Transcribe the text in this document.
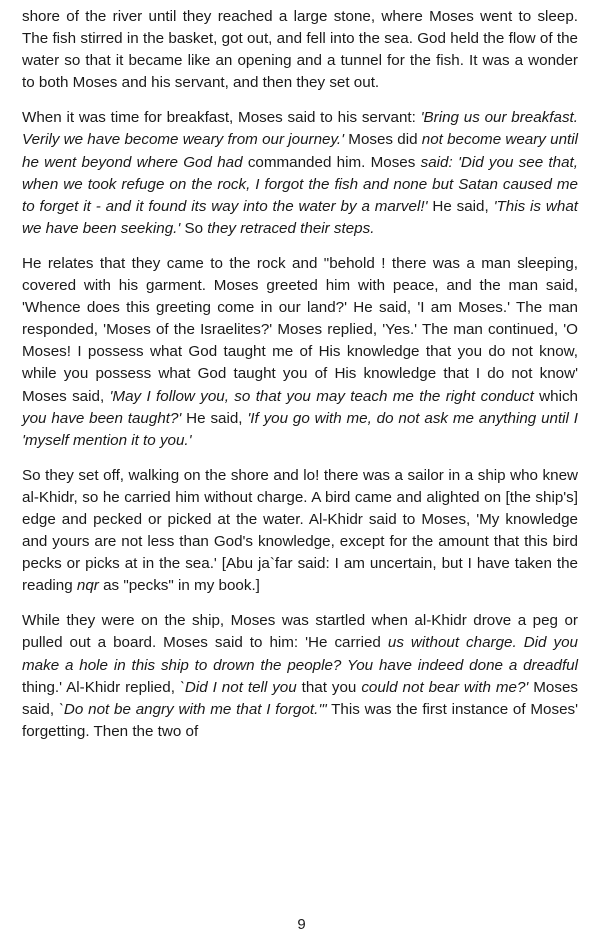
shore of the river until they reached a large stone, where Moses went to sleep. The fish stirred in the basket, got out, and fell into the sea. God held the flow of the water so that it became like an opening and a tunnel for the fish. It was a wonder to both Moses and his servant, and then they set out.

When it was time for breakfast, Moses said to his servant: 'Bring us our breakfast. Verily we have become weary from our journey.' Moses did not become weary until he went beyond where God had commanded him. Moses said: 'Did you see that, when we took refuge on the rock, I forgot the fish and none but Satan caused me to forget it - and it found its way into the water by a marvel!' He said, 'This is what we have been seeking.' So they retraced their steps.

He relates that they came to the rock and "behold ! there was a man sleeping, covered with his garment. Moses greeted him with peace, and the man said, 'Whence does this greeting come in our land?' He said, 'I am Moses.' The man responded, 'Moses of the Israelites?' Moses replied, 'Yes.' The man continued, 'O Moses! I possess what God taught me of His knowledge that you do not know, while you possess what God taught you of His knowledge that I do not know' Moses said, 'May I follow you, so that you may teach me the right conduct which you have been taught?' He said, 'If you go with me, do not ask me anything until I 'myself mention it to you.'

So they set off, walking on the shore and lo! there was a sailor in a ship who knew al-Khidr, so he carried him without charge. A bird came and alighted on [the ship's] edge and pecked or picked at the water. Al-Khidr said to Moses, 'My knowledge and yours are not less than God's knowledge, except for the amount that this bird pecks or picks at in the sea.' [Abu ja`far said: I am uncertain, but I have taken the reading nqr as "pecks" in my book.]

While they were on the ship, Moses was startled when al-Khidr drove a peg or pulled out a board. Moses said to him: 'He carried us without charge. Did you make a hole in this ship to drown the people? You have indeed done a dreadful thing.' Al-Khidr replied, `Did I not tell you that you could not bear with me?' Moses said, `Do not be angry with me that I forgot.'" This was the first instance of Moses' forgetting. Then the two of

9
